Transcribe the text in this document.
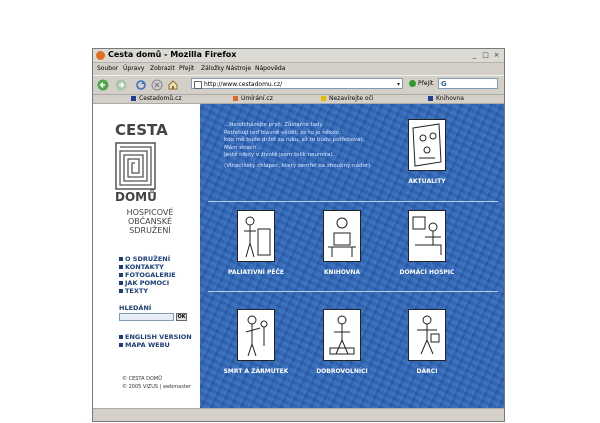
Cesta domů - Mozilla Firefox	_ □ ×
Soubor Úpravy Zobrazit Přejít Záložky Nástroje Nápověda
http://www.cestadomu.cz/	▾	Přejít G
Cestadomů.cz	Umírání.cz	Nezavírejte oči	Knihovna
CESTA
DOMŮ
HOSPICOVÉ
OBČANSKÉ
SDRUŽENÍ
O SDRUŽENÍ
KONTAKTY
FOTOGALERIE
JAK POMOCI
TEXTY
HLEDÁNÍ
OK
ENGLISH VERSION
MAPA WEBU
© CESTA DOMŮ
© 2005 VIZUS | webmaster
...Neodcházejte pryč. Zůstaňte tady.
Potřebuji teď hlavně vědět, že tu je někdo,
kdo mě bude držet za ruku, až to budu potřebovat.
Mám strach...
Ještě nikdy v životě jsem tolik neumíral...
(Vlnáctiletý chlapec, který zemřel na zhoubný nádor)
AKTUALITY
PALIATIVNÍ PÉČE	KNIHOVNA	DOMÁCÍ HOSPIC
SMRT A ZÁRMUTEK	DOBROVOLNÍCI	DÁRCI
